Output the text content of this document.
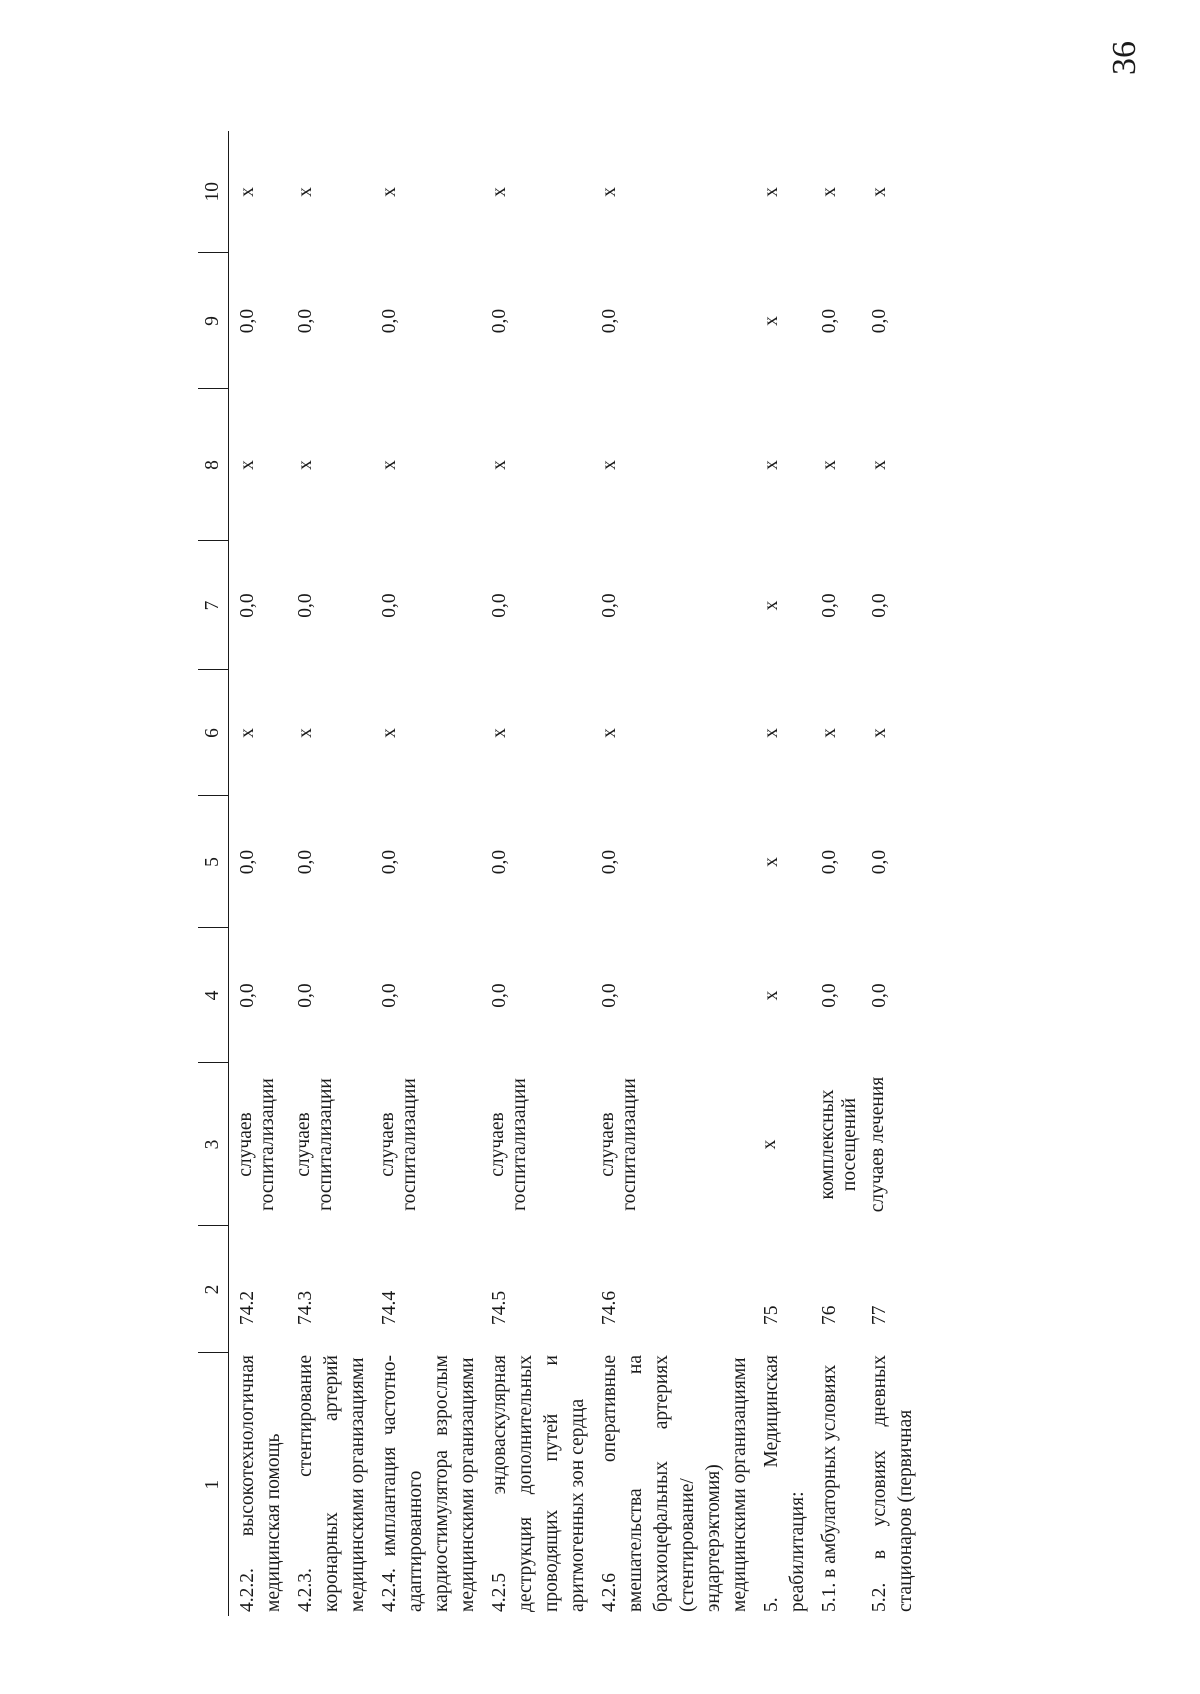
36
1	2	3	4	5	6	7	8	9	10
4.2.2. высокотехнологичная медицинская помощь	74.2	случаев госпитализации	0,0	0,0	x	0,0	x	0,0	x
4.2.3. стентирование коронарных артерий медицинскими организациями	74.3	случаев госпитализации	0,0	0,0	x	0,0	x	0,0	x
4.2.4. имплантация частотно-адаптированного кардиостимулятора взрослым медицинскими организациями	74.4	случаев госпитализации	0,0	0,0	x	0,0	x	0,0	x
4.2.5 эндоваскулярная деструкция дополнительных проводящих путей и аритмогенных зон сердца	74.5	случаев госпитализации	0,0	0,0	x	0,0	x	0,0	x
4.2.6 оперативные вмешательства на брахиоцефальных артериях (стентирование/ эндартерэктомия) медицинскими организациями	74.6	случаев госпитализации	0,0	0,0	x	0,0	x	0,0	x
5. Медицинская реабилитация:	75	x	x	x	x	x	x	x	x
5.1. в амбулаторных условиях	76	комплексных посещений	0,0	0,0	x	0,0	x	0,0	x
5.2. в условиях дневных стационаров (первичная	77	случаев лечения	0,0	0,0	x	0,0	x	0,0	x
